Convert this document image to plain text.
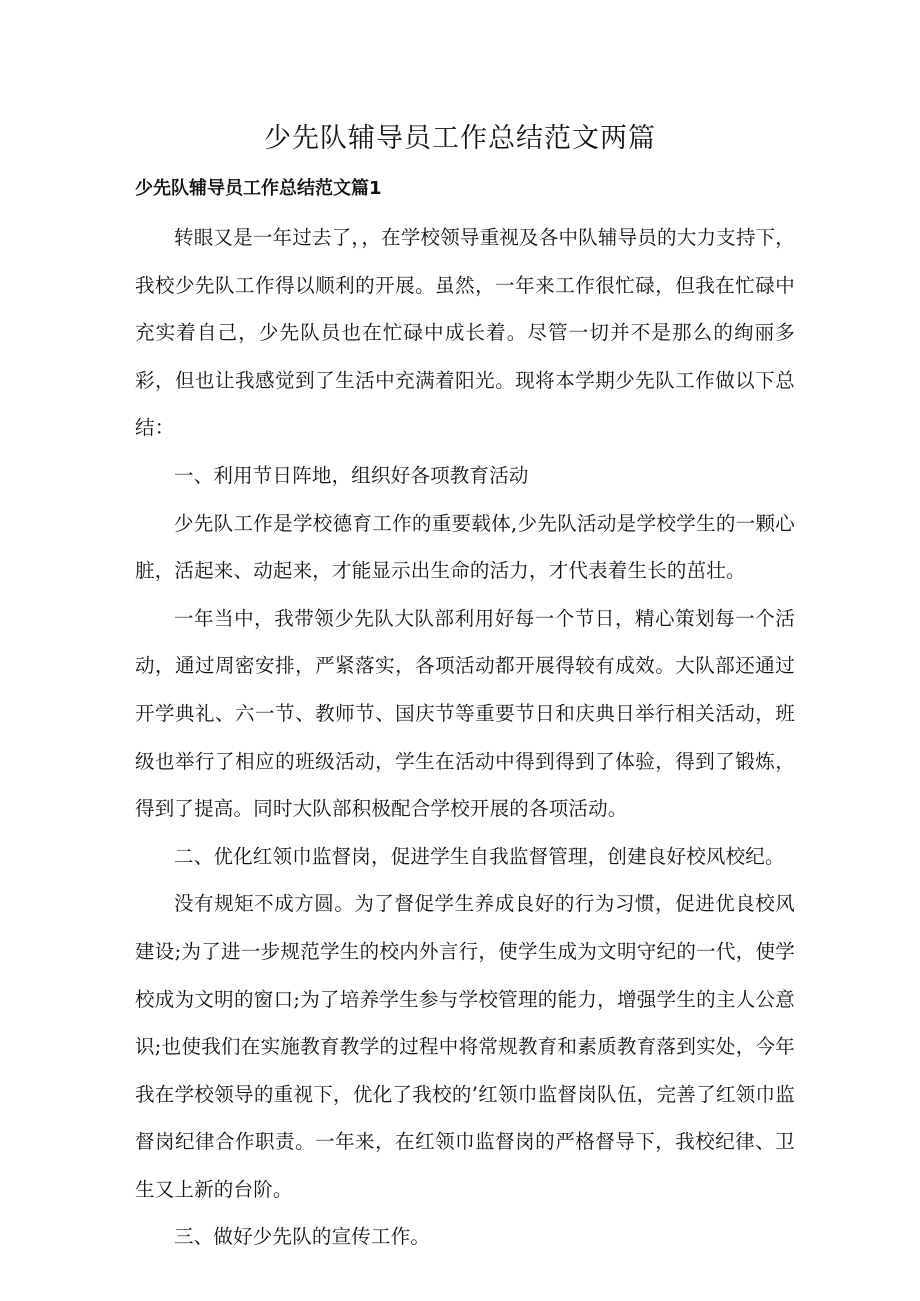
少先队辅导员工作总结范文两篇
少先队辅导员工作总结范文篇1

转眼又是一年过去了，，在学校领导重视及各中队辅导员的大力支持下，我校少先队工作得以顺利的开展。虽然，一年来工作很忙碌，但我在忙碌中充实着自己，少先队员也在忙碌中成长着。尽管一切并不是那么的绚丽多彩，但也让我感觉到了生活中充满着阳光。现将本学期少先队工作做以下总结：

一、利用节日阵地，组织好各项教育活动

少先队工作是学校德育工作的重要载体,少先队活动是学校学生的一颗心脏，活起来、动起来，才能显示出生命的活力，才代表着生长的茁壮。

一年当中，我带领少先队大队部利用好每一个节日，精心策划每一个活动，通过周密安排，严紧落实，各项活动都开展得较有成效。大队部还通过开学典礼、六一节、教师节、国庆节等重要节日和庆典日举行相关活动，班级也举行了相应的班级活动，学生在活动中得到得到了体验，得到了锻炼，得到了提高。同时大队部积极配合学校开展的各项活动。

二、优化红领巾监督岗，促进学生自我监督管理，创建良好校风校纪。

没有规矩不成方圆。为了督促学生养成良好的行为习惯，促进优良校风建设;为了进一步规范学生的校内外言行，使学生成为文明守纪的一代，使学校成为文明的窗口;为了培养学生参与学校管理的能力，增强学生的主人公意识;也使我们在实施教育教学的过程中将常规教育和素质教育落到实处，今年我在学校领导的重视下，优化了我校的’红领巾监督岗队伍，完善了红领巾监督岗纪律合作职责。一年来，在红领巾监督岗的严格督导下，我校纪律、卫生又上新的台阶。

三、做好少先队的宣传工作。
